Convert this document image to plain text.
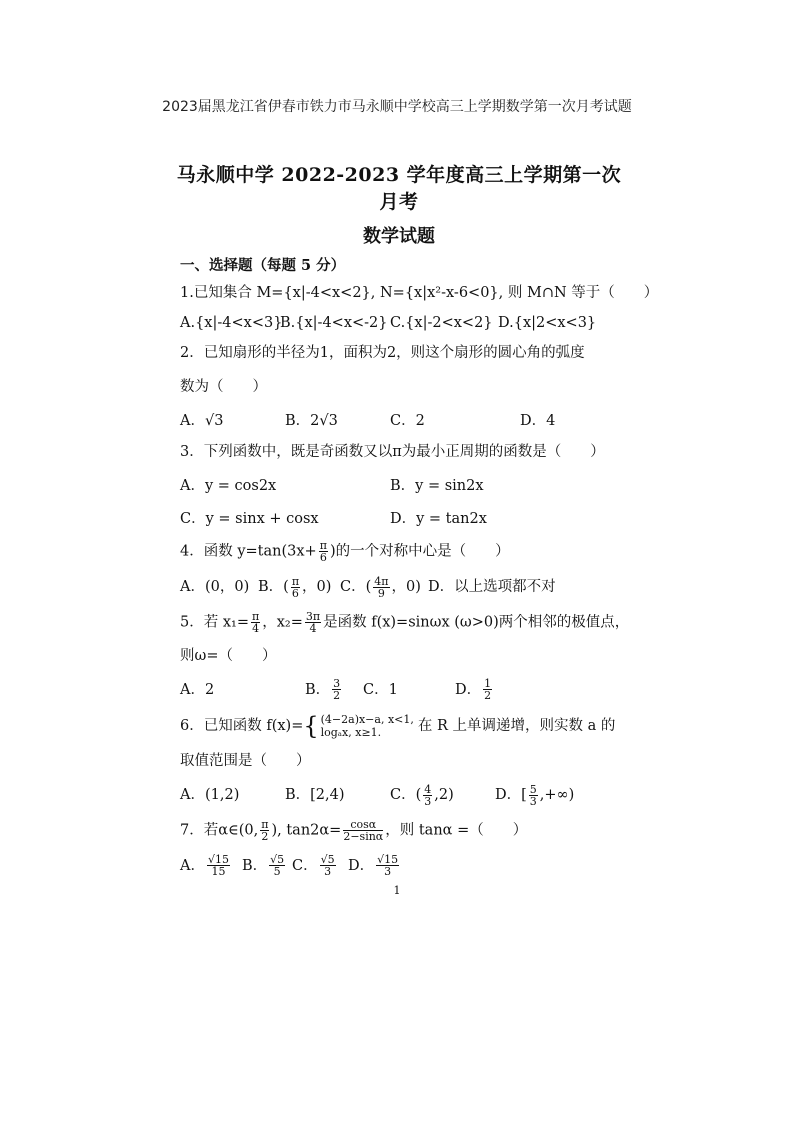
2023届黑龙江省伊春市铁力市马永顺中学校高三上学期数学第一次月考试题
马永顺中学 2022-2023 学年度高三上学期第一次月考
数学试题
一、选择题（每题 5 分）
1.已知集合 M={x|-4<x<2}, N={x|x²-x-6<0}, 则 M∩N 等于（　　）
A.{x|-4<x<3}
B.{x|-4<x<-2} C.{x|-2<x<2} D.{x|2<x<3}
2．已知扇形的半径为1，面积为2，则这个扇形的圆心角的弧度
数为（　　）
A．√3	B．2√3	C．2	D．4
3．下列函数中，既是奇函数又以π为最小正周期的函数是（　　）
A．y = cos2x	B．y = sin2x
C．y = sinx + cosx	D．y = tan2x
4．函数 $y=\tan(3x+ \frac{\pi}{6}$ )的一个对称中心是（　　）
A．(0，0) B．( $\frac{\pi}{6}$ ，0) C．( $\frac{4\pi}{9}$ ，0) D．以上选项都不对
5．若 $x_1= \frac{\pi}{4}$ ，$x_2= \frac{3\pi}{4}$ 是函数 f(x)=sinωx (ω>0)两个相邻的极值点，
则ω=（　　）
A．2	B． $\frac{3}{2}$ C．1	D． $\frac{1}{2}$
6．已知函数 f(x)= { (4−2a)x−a, x<1,
logₐx, x≥1.	在 R 上单调递增，则实数 a 的
取值范围是（　　）
A．(1,2)	B．[2,4)	C．( $\frac{4}{3} ,2$)	D．[ $\frac{5}{3}$ ,+∞)
7．若α∈(0, $\frac{\pi}{2}$ ), $\tan 2\alpha= \frac{\cos\alpha}{2-\sin\alpha}$ ，则 tanα =（　　）
A． $\frac{√15}{15}$ B． $\frac{√5}{5}$ C． $\frac{√5}{3}$ D． $\frac{√15}{3}$
1
